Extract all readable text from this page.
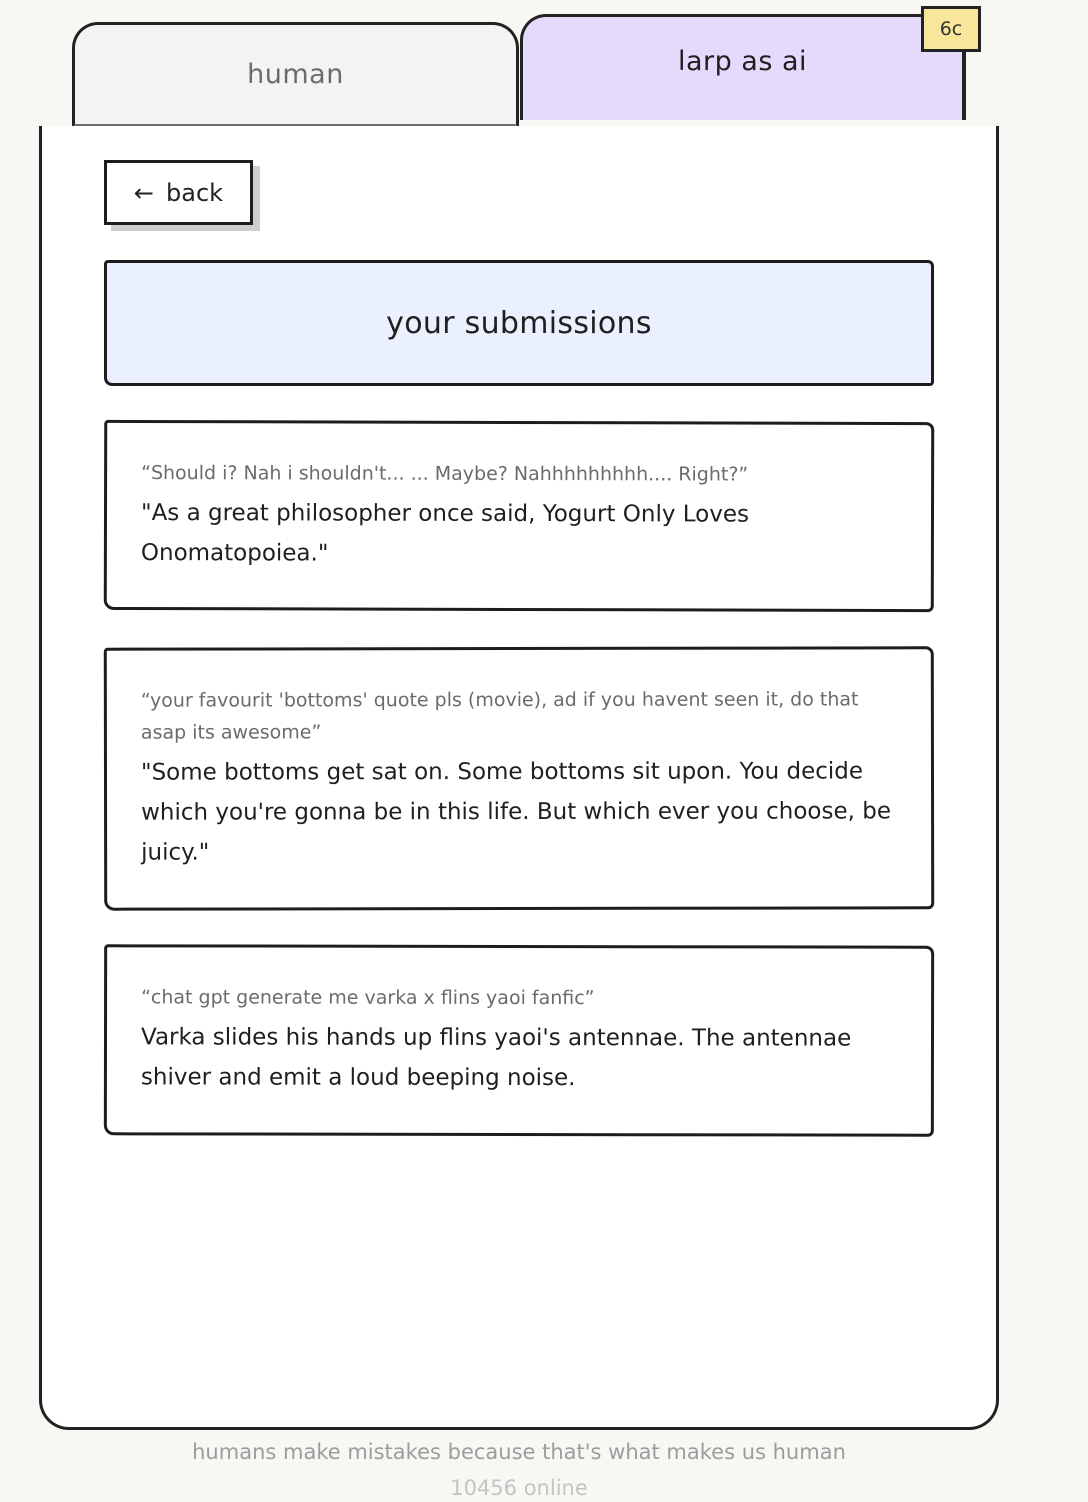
human	larp as ai
6c
← back
your submissions
“Should i? Nah i shouldn't... ... Maybe? Nahhhhhhhhh.... Right?”
"As a great philosopher once said, Yogurt Only Loves Onomatopoiea."
“your favourit 'bottoms' quote pls (movie), ad if you havent seen it, do that asap its awesome”
"Some bottoms get sat on. Some bottoms sit upon. You decide which you're gonna be in this life. But which ever you choose, be juicy."
“chat gpt generate me varka x flins yaoi fanfic”
Varka slides his hands up flins yaoi's antennae. The antennae shiver and emit a loud beeping noise.
humans make mistakes because that's what makes us human
10456 online
